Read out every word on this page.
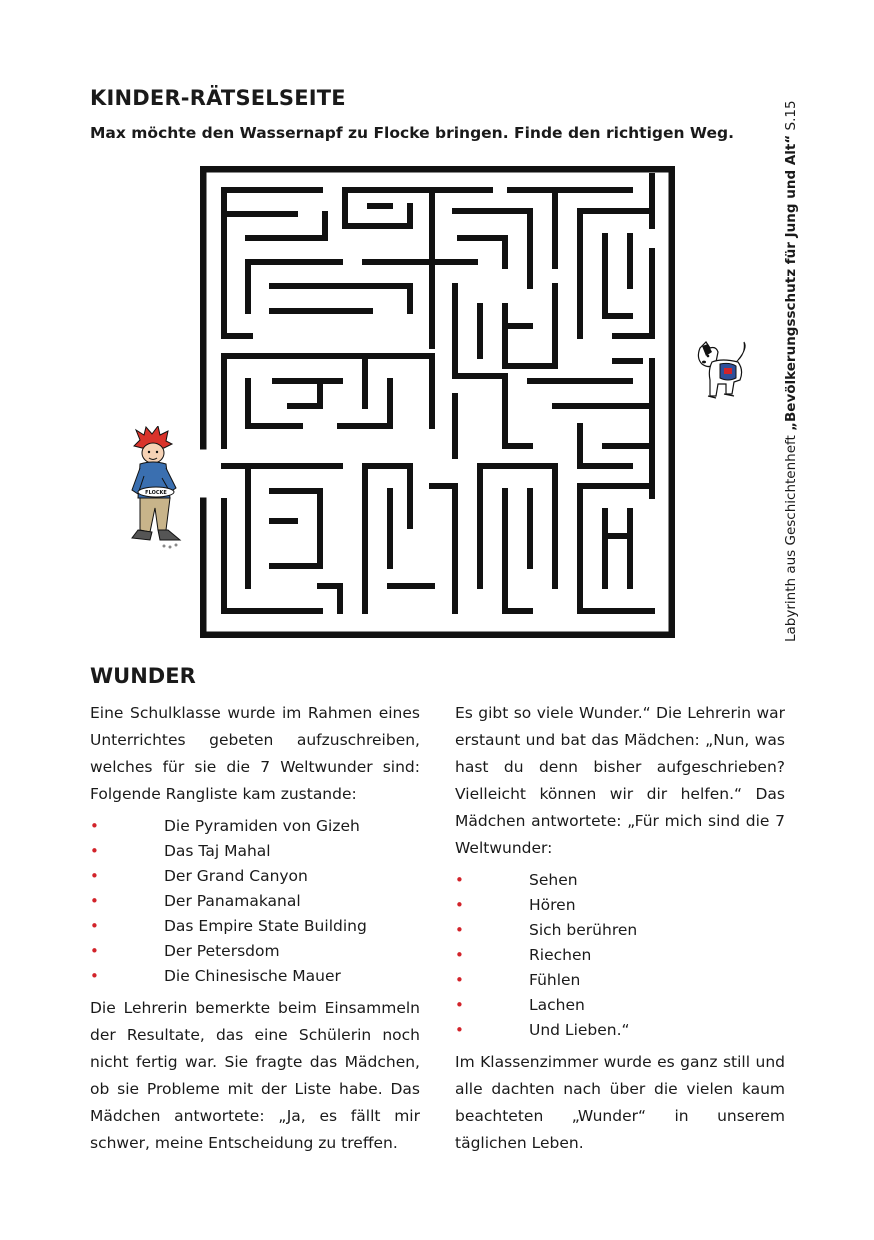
KINDER-RÄTSELSEITE
Max möchte den Wassernapf zu Flocke bringen. Finde den richtigen Weg.
Labyrinth aus Geschichtenheft „Bevölkerungsschutz für Jung und Alt“ S.15
FLOCKE
WUNDER

Eine Schulklasse wurde im Rahmen eines Unterrichtes gebeten aufzuschreiben, welches für sie die 7 Weltwunder sind: Folgende Rangliste kam zustande:

• Die Pyramiden von Gizeh
• Das Taj Mahal
• Der Grand Canyon
• Der Panamakanal
• Das Empire State Building
• Der Petersdom
• Die Chinesische Mauer

Die Lehrerin bemerkte beim Einsammeln der Resultate, das eine Schülerin noch nicht fertig war. Sie fragte das Mädchen, ob sie Probleme mit der Liste habe. Das Mädchen antwortete: „Ja, es fällt mir schwer, meine Entscheidung zu treffen.

Es gibt so viele Wunder.“ Die Lehrerin war erstaunt und bat das Mädchen: „Nun, was hast du denn bisher aufgeschrieben? Vielleicht können wir dir helfen.“ Das Mädchen antwortete: „Für mich sind die 7 Weltwunder:

• Sehen
• Hören
• Sich berühren
• Riechen
• Fühlen
• Lachen
• Und Lieben.“

Im Klassenzimmer wurde es ganz still und alle dachten nach über die vielen kaum beachteten „Wunder“ in unserem täglichen Leben.
